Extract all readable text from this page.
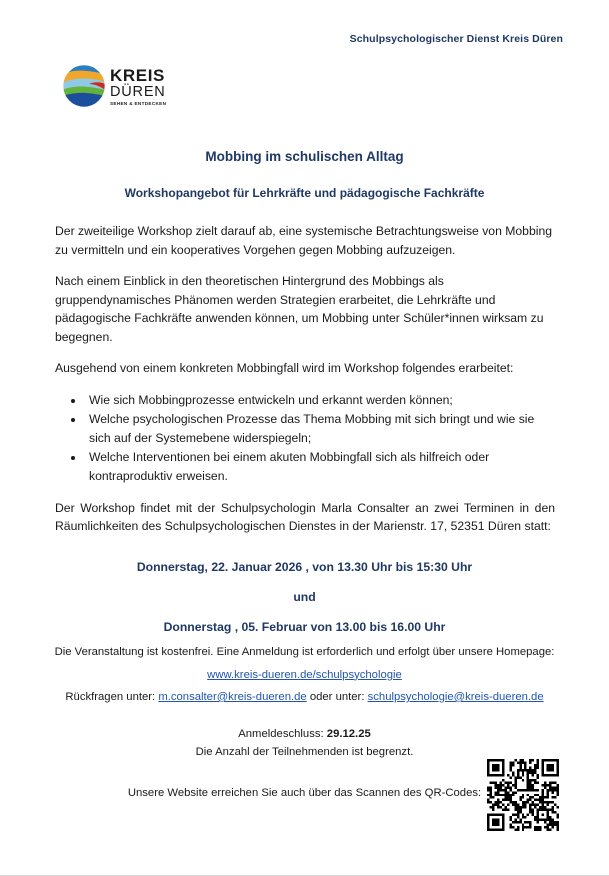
Schulpsychologischer Dienst Kreis Düren
KREIS
DÜREN
SEHEN & ENTDECKEN
Mobbing im schulischen Alltag
Workshopangebot für Lehrkräfte und pädagogische Fachkräfte

Der zweiteilige Workshop zielt darauf ab, eine systemische Betrachtungsweise von Mobbing zu vermitteln und ein kooperatives Vorgehen gegen Mobbing aufzuzeigen.

Nach einem Einblick in den theoretischen Hintergrund des Mobbings als gruppendynamisches Phänomen werden Strategien erarbeitet, die Lehrkräfte und pädagogische Fachkräfte anwenden können, um Mobbing unter Schüler*innen wirksam zu begegnen.

Ausgehend von einem konkreten Mobbingfall wird im Workshop folgendes erarbeitet:

• Wie sich Mobbingprozesse entwickeln und erkannt werden können;
• Welche psychologischen Prozesse das Thema Mobbing mit sich bringt und wie sie sich auf der Systemebene widerspiegeln;
• Welche Interventionen bei einem akuten Mobbingfall sich als hilfreich oder kontraproduktiv erweisen.

Der Workshop findet mit der Schulpsychologin Marla Consalter an zwei Terminen in den Räumlichkeiten des Schulpsychologischen Dienstes in der Marienstr. 17, 52351 Düren statt:

Donnerstag, 22. Januar 2026 , von 13.30 Uhr bis 15:30 Uhr
und
Donnerstag , 05. Februar von 13.00 bis 16.00 Uhr
Die Veranstaltung ist kostenfrei. Eine Anmeldung ist erforderlich und erfolgt über unsere Homepage:
www.kreis-dueren.de/schulpsychologie
Rückfragen unter: m.consalter@kreis-dueren.de oder unter: schulpsychologie@kreis-dueren.de
Anmeldeschluss: 29.12.25
Die Anzahl der Teilnehmenden ist begrenzt.
Unsere Website erreichen Sie auch über das Scannen des QR-Codes:
